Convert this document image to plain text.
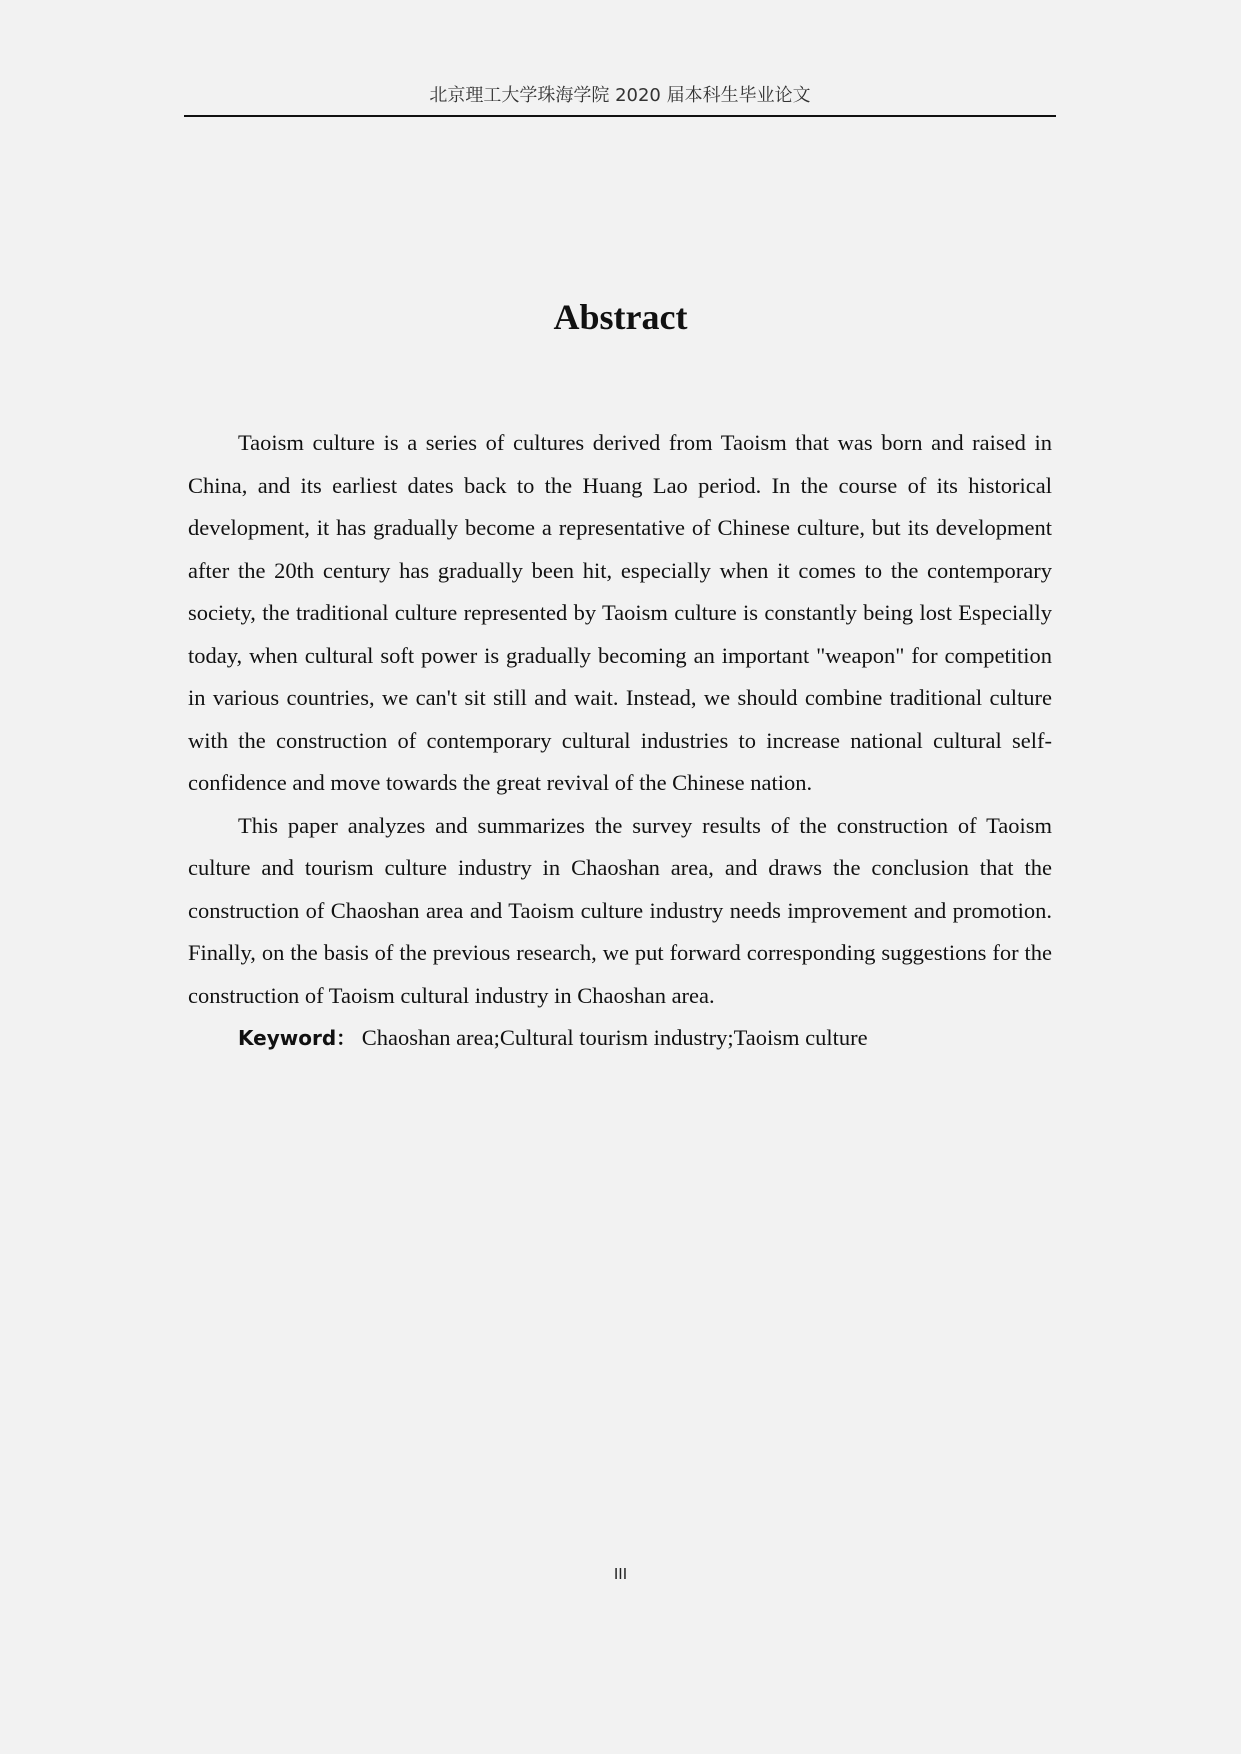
北京理工大学珠海学院 2020 届本科生毕业论文
Abstract

Taoism culture is a series of cultures derived from Taoism that was born and raised in China, and its earliest dates back to the Huang Lao period. In the course of its historical development, it has gradually become a representative of Chinese culture, but its development after the 20th century has gradually been hit, especially when it comes to the contemporary society, the traditional culture represented by Taoism culture is constantly being lost Especially today, when cultural soft power is gradually becoming an important "weapon" for competition in various countries, we can't sit still and wait. Instead, we should combine traditional culture with the construction of contemporary cultural industries to increase national cultural self-confidence and move towards the great revival of the Chinese nation.

This paper analyzes and summarizes the survey results of the construction of Taoism culture and tourism culture industry in Chaoshan area, and draws the conclusion that the construction of Chaoshan area and Taoism culture industry needs improvement and promotion. Finally, on the basis of the previous research, we put forward corresponding suggestions for the construction of Taoism cultural industry in Chaoshan area.

Keyword： Chaoshan area;Cultural tourism industry;Taoism culture

III
